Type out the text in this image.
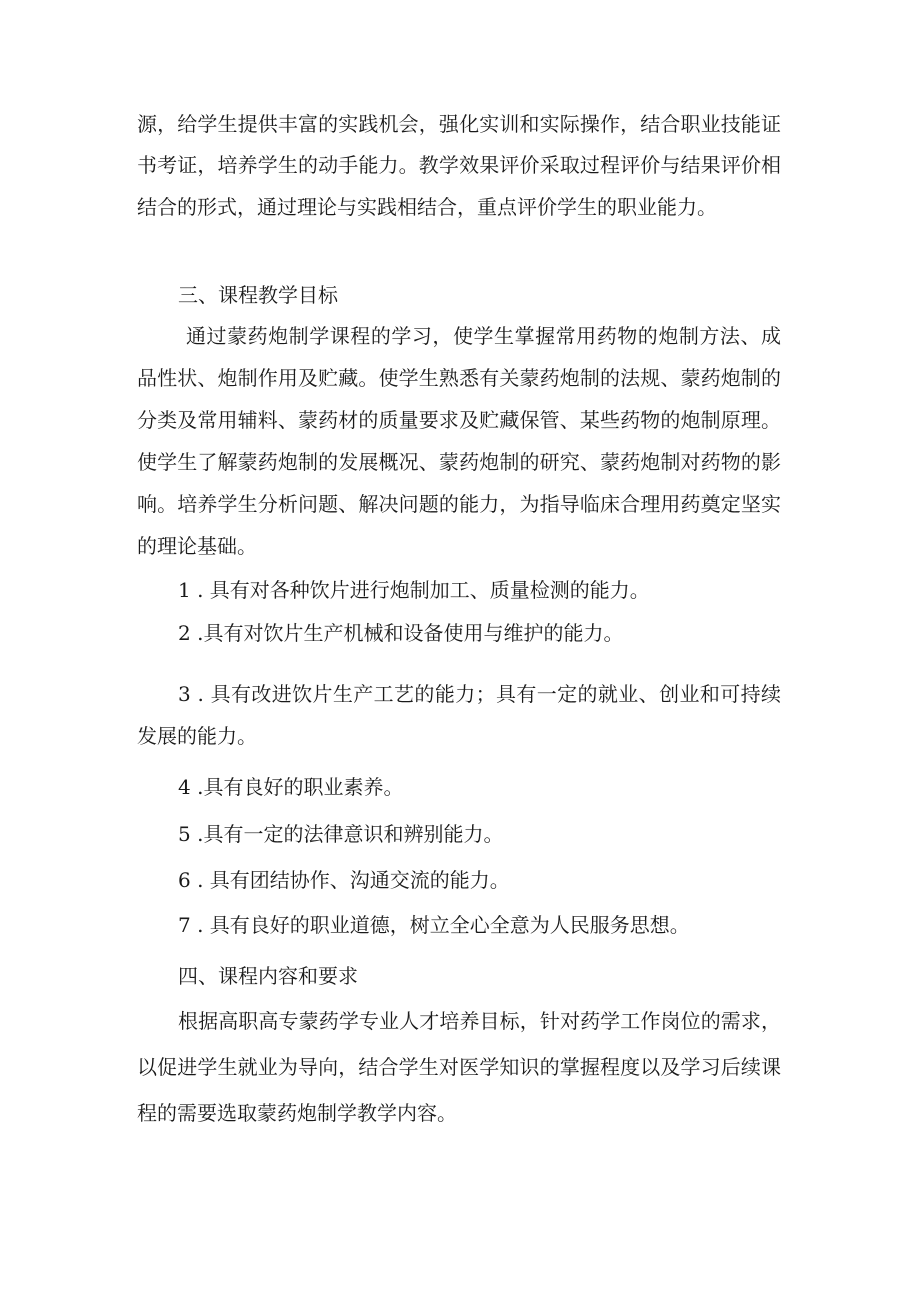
源，给学生提供丰富的实践机会，强化实训和实际操作，结合职业技能证
书考证，培养学生的动手能力。教学效果评价采取过程评价与结果评价相
结合的形式，通过理论与实践相结合，重点评价学生的职业能力。
三、课程教学目标
通过蒙药炮制学课程的学习，使学生掌握常用药物的炮制方法、成
品性状、炮制作用及贮藏。使学生熟悉有关蒙药炮制的法规、蒙药炮制的
分类及常用辅料、蒙药材的质量要求及贮藏保管、某些药物的炮制原理。
使学生了解蒙药炮制的发展概况、蒙药炮制的研究、蒙药炮制对药物的影
响。培养学生分析问题、解决问题的能力，为指导临床合理用药奠定坚实
的理论基础。
1 . 具有对各种饮片进行炮制加工、质量检测的能力。
2 .具有对饮片生产机械和设备使用与维护的能力。
3 . 具有改进饮片生产工艺的能力；具有一定的就业、创业和可持续
发展的能力。
4 .具有良好的职业素养。
5 .具有一定的法律意识和辨别能力。
6 . 具有团结协作、沟通交流的能力。
7 . 具有良好的职业道德，树立全心全意为人民服务思想。
四、课程内容和要求
根据高职高专蒙药学专业人才培养目标，针对药学工作岗位的需求，
以促进学生就业为导向，结合学生对医学知识的掌握程度以及学习后续课
程的需要选取蒙药炮制学教学内容。
